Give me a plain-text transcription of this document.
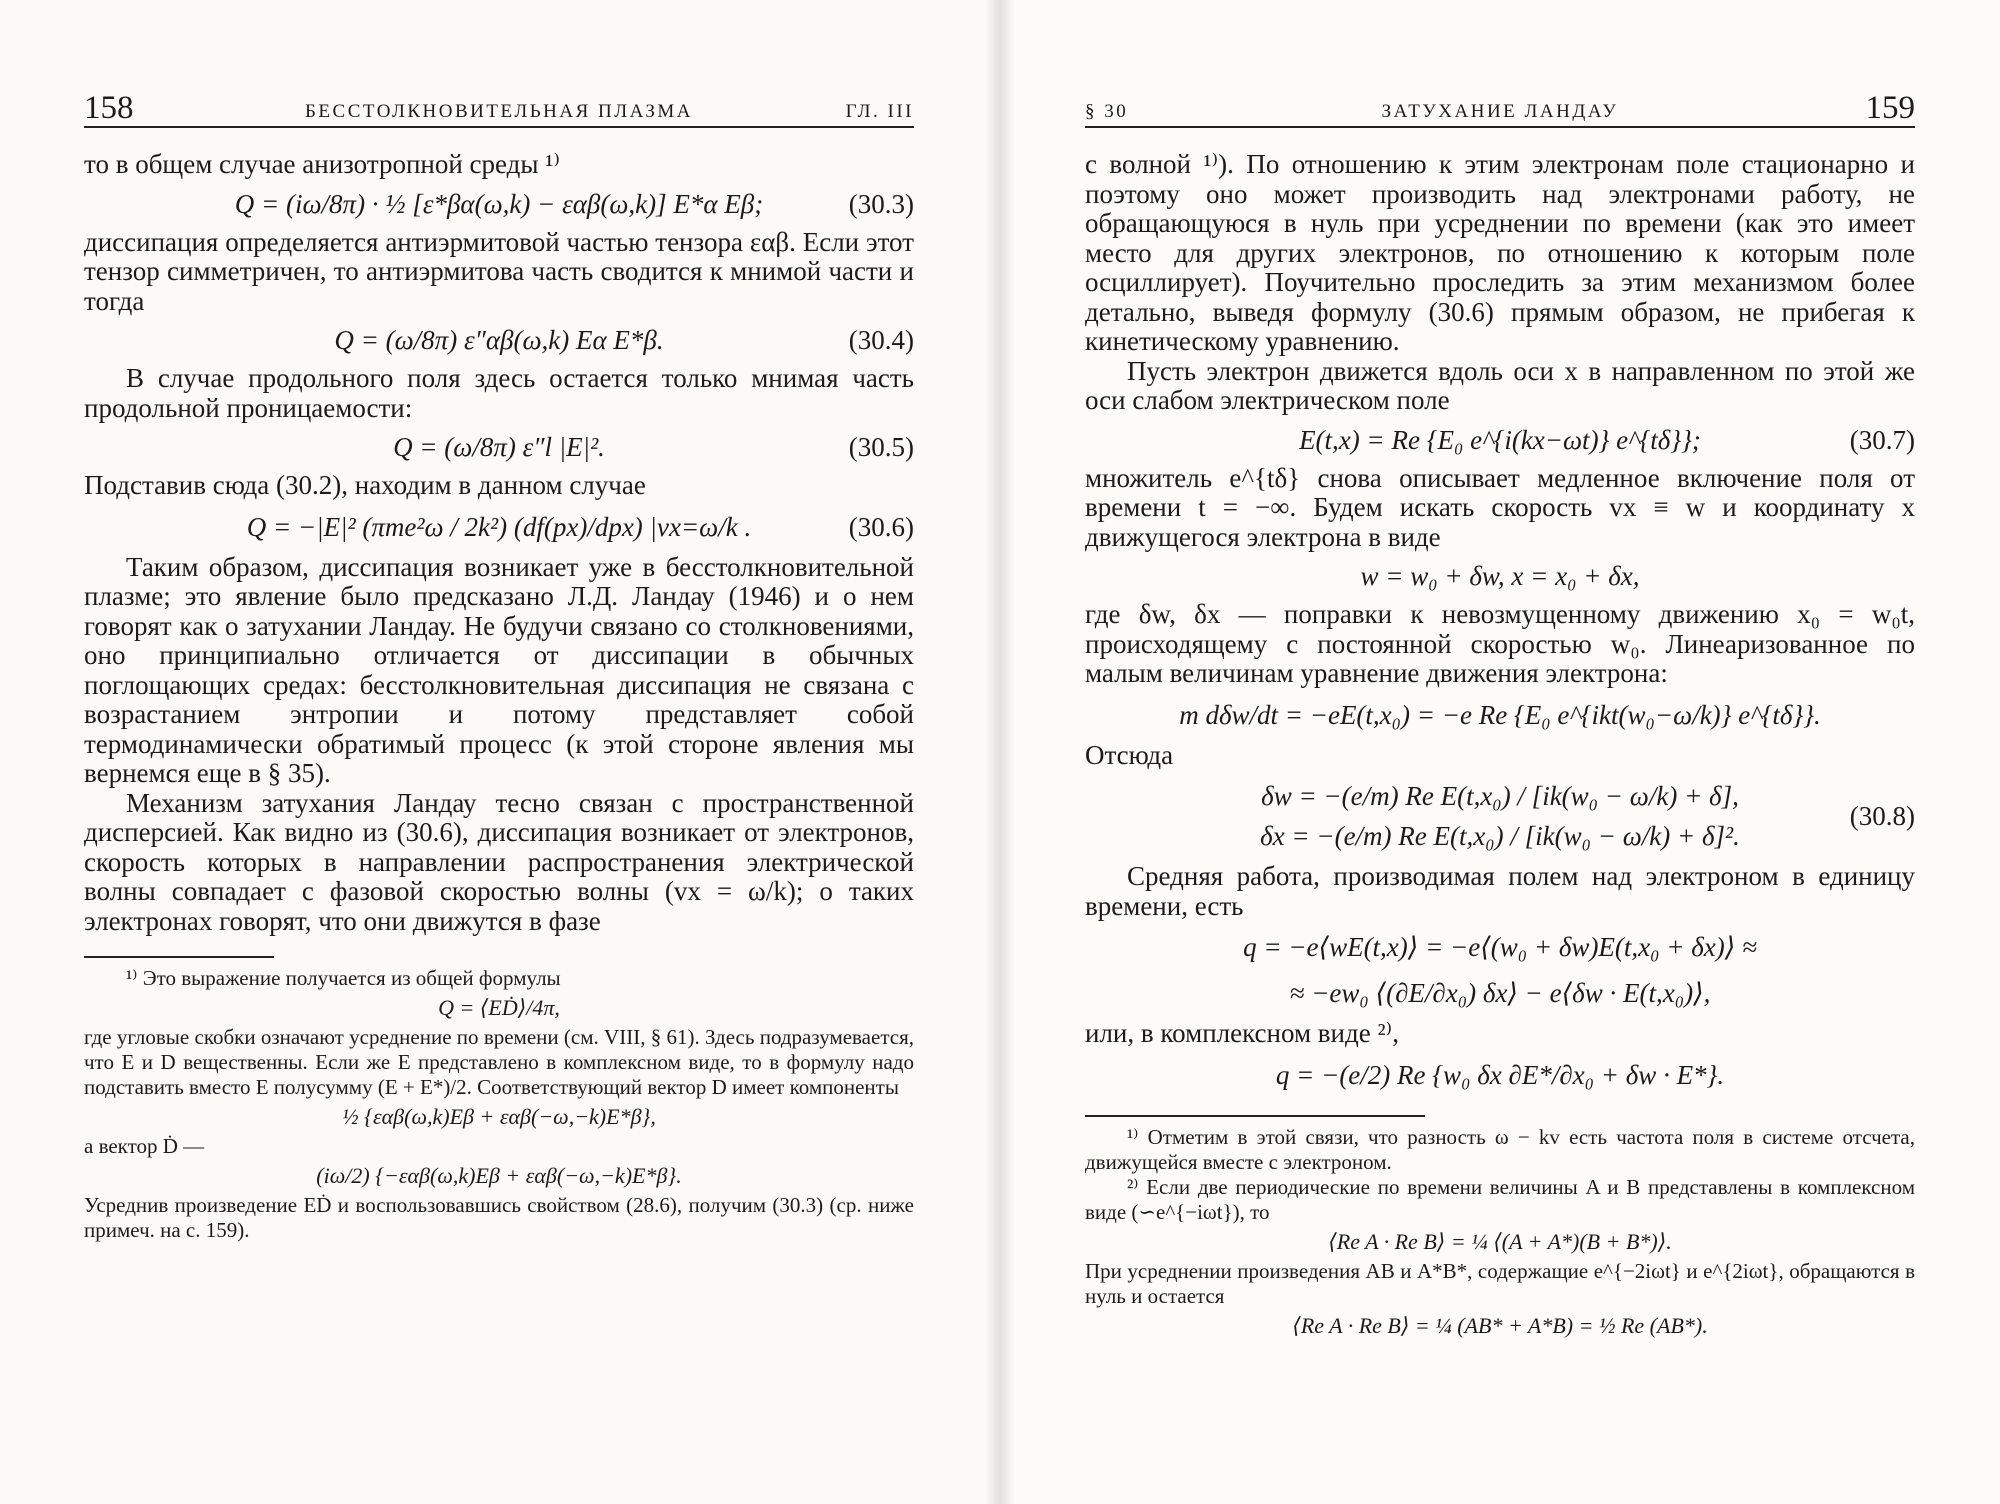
158	БЕССТОЛКНОВИТЕЛЬНАЯ ПЛАЗМА	ГЛ. III

то в общем случае анизотропной среды ¹⁾

Q = (iω/8π) · ½ [ε*βα(ω,k) − εαβ(ω,k)] E*α Eβ;	(30.3)

диссипация определяется антиэрмитовой частью тензора εαβ. Если этот тензор симметричен, то антиэрмитова часть сводится к мнимой части и тогда

Q = (ω/8π) ε″αβ(ω,k) Eα E*β.	(30.4)

В случае продольного поля здесь остается только мнимая часть продольной проницаемости:

Q = (ω/8π) ε″l |E|².	(30.5)

Подставив сюда (30.2), находим в данном случае

Q = −|E|² (πme²ω / 2k²) (df(px)/dpx) |vx=ω/k .	(30.6)

Таким образом, диссипация возникает уже в бесстолкновительной плазме; это явление было предсказано Л.Д. Ландау (1946) и о нем говорят как о затухании Ландау. Не будучи связано со столкновениями, оно принципиально отличается от диссипации в обычных поглощающих средах: бесстолкновительная диссипация не связана с возрастанием энтропии и потому представляет собой термодинамически обратимый процесс (к этой стороне явления мы вернемся еще в § 35).

Механизм затухания Ландау тесно связан с пространственной дисперсией. Как видно из (30.6), диссипация возникает от электронов, скорость которых в направлении распространения электрической волны совпадает с фазовой скоростью волны (vx = ω/k); о таких электронах говорят, что они движутся в фазе

¹⁾ Это выражение получается из общей формулы

Q = ⟨EḊ⟩/4π,

где угловые скобки означают усреднение по времени (см. VIII, § 61). Здесь подразумевается, что E и D вещественны. Если же E представлено в комплексном виде, то в формулу надо подставить вместо E полусумму (E + E*)/2. Соответствующий вектор D имеет компоненты

½ {εαβ(ω,k)Eβ + εαβ(−ω,−k)E*β},

а вектор Ḋ —

(iω/2) {−εαβ(ω,k)Eβ + εαβ(−ω,−k)E*β}.

Усреднив произведение EḊ и воспользовавшись свойством (28.6), получим (30.3) (ср. ниже примеч. на с. 159).

§ 30	ЗАТУХАНИЕ ЛАНДАУ	159

с волной ¹⁾). По отношению к этим электронам поле стационарно и поэтому оно может производить над электронами работу, не обращающуюся в нуль при усреднении по времени (как это имеет место для других электронов, по отношению к которым поле осциллирует). Поучительно проследить за этим механизмом более детально, выведя формулу (30.6) прямым образом, не прибегая к кинетическому уравнению.

Пусть электрон движется вдоль оси x в направленном по этой же оси слабом электрическом поле

E(t,x) = Re {E₀ e^{i(kx−ωt)} e^{tδ}};	(30.7)

множитель e^{tδ} снова описывает медленное включение поля от времени t = −∞. Будем искать скорость vx ≡ w и координату x движущегося электрона в виде

w = w₀ + δw, x = x₀ + δx,

где δw, δx — поправки к невозмущенному движению x₀ = w₀t, происходящему с постоянной скоростью w₀. Линеаризованное по малым величинам уравнение движения электрона:

m dδw/dt = −eE(t,x₀) = −e Re {E₀ e^{ikt(w₀−ω/k)} e^{tδ}}.

Отсюда

δw = −(e/m) Re E(t,x₀) / [ik(w₀ − ω/k) + δ],
δx = −(e/m) Re E(t,x₀) / [ik(w₀ − ω/k) + δ]².
(30.8)

Средняя работа, производимая полем над электроном в единицу времени, есть

q = −e⟨wE(t,x)⟩ = −e⟨(w₀ + δw)E(t,x₀ + δx)⟩ ≈
≈ −ew₀ ⟨(∂E/∂x₀) δx⟩ − e⟨δw · E(t,x₀)⟩,

или, в комплексном виде ²⁾,

q = −(e/2) Re {w₀ δx ∂E*/∂x₀ + δw · E*}.

¹⁾ Отметим в этой связи, что разность ω − kv есть частота поля в системе отсчета, движущейся вместе с электроном.

²⁾ Если две периодические по времени величины A и B представлены в комплексном виде (∽e^{−iωt}), то

⟨Re A · Re B⟩ = ¼ ⟨(A + A*)(B + B*)⟩.

При усреднении произведения AB и A*B*, содержащие e^{−2iωt} и e^{2iωt}, обращаются в нуль и остается

⟨Re A · Re B⟩ = ¼ (AB* + A*B) = ½ Re (AB*).
